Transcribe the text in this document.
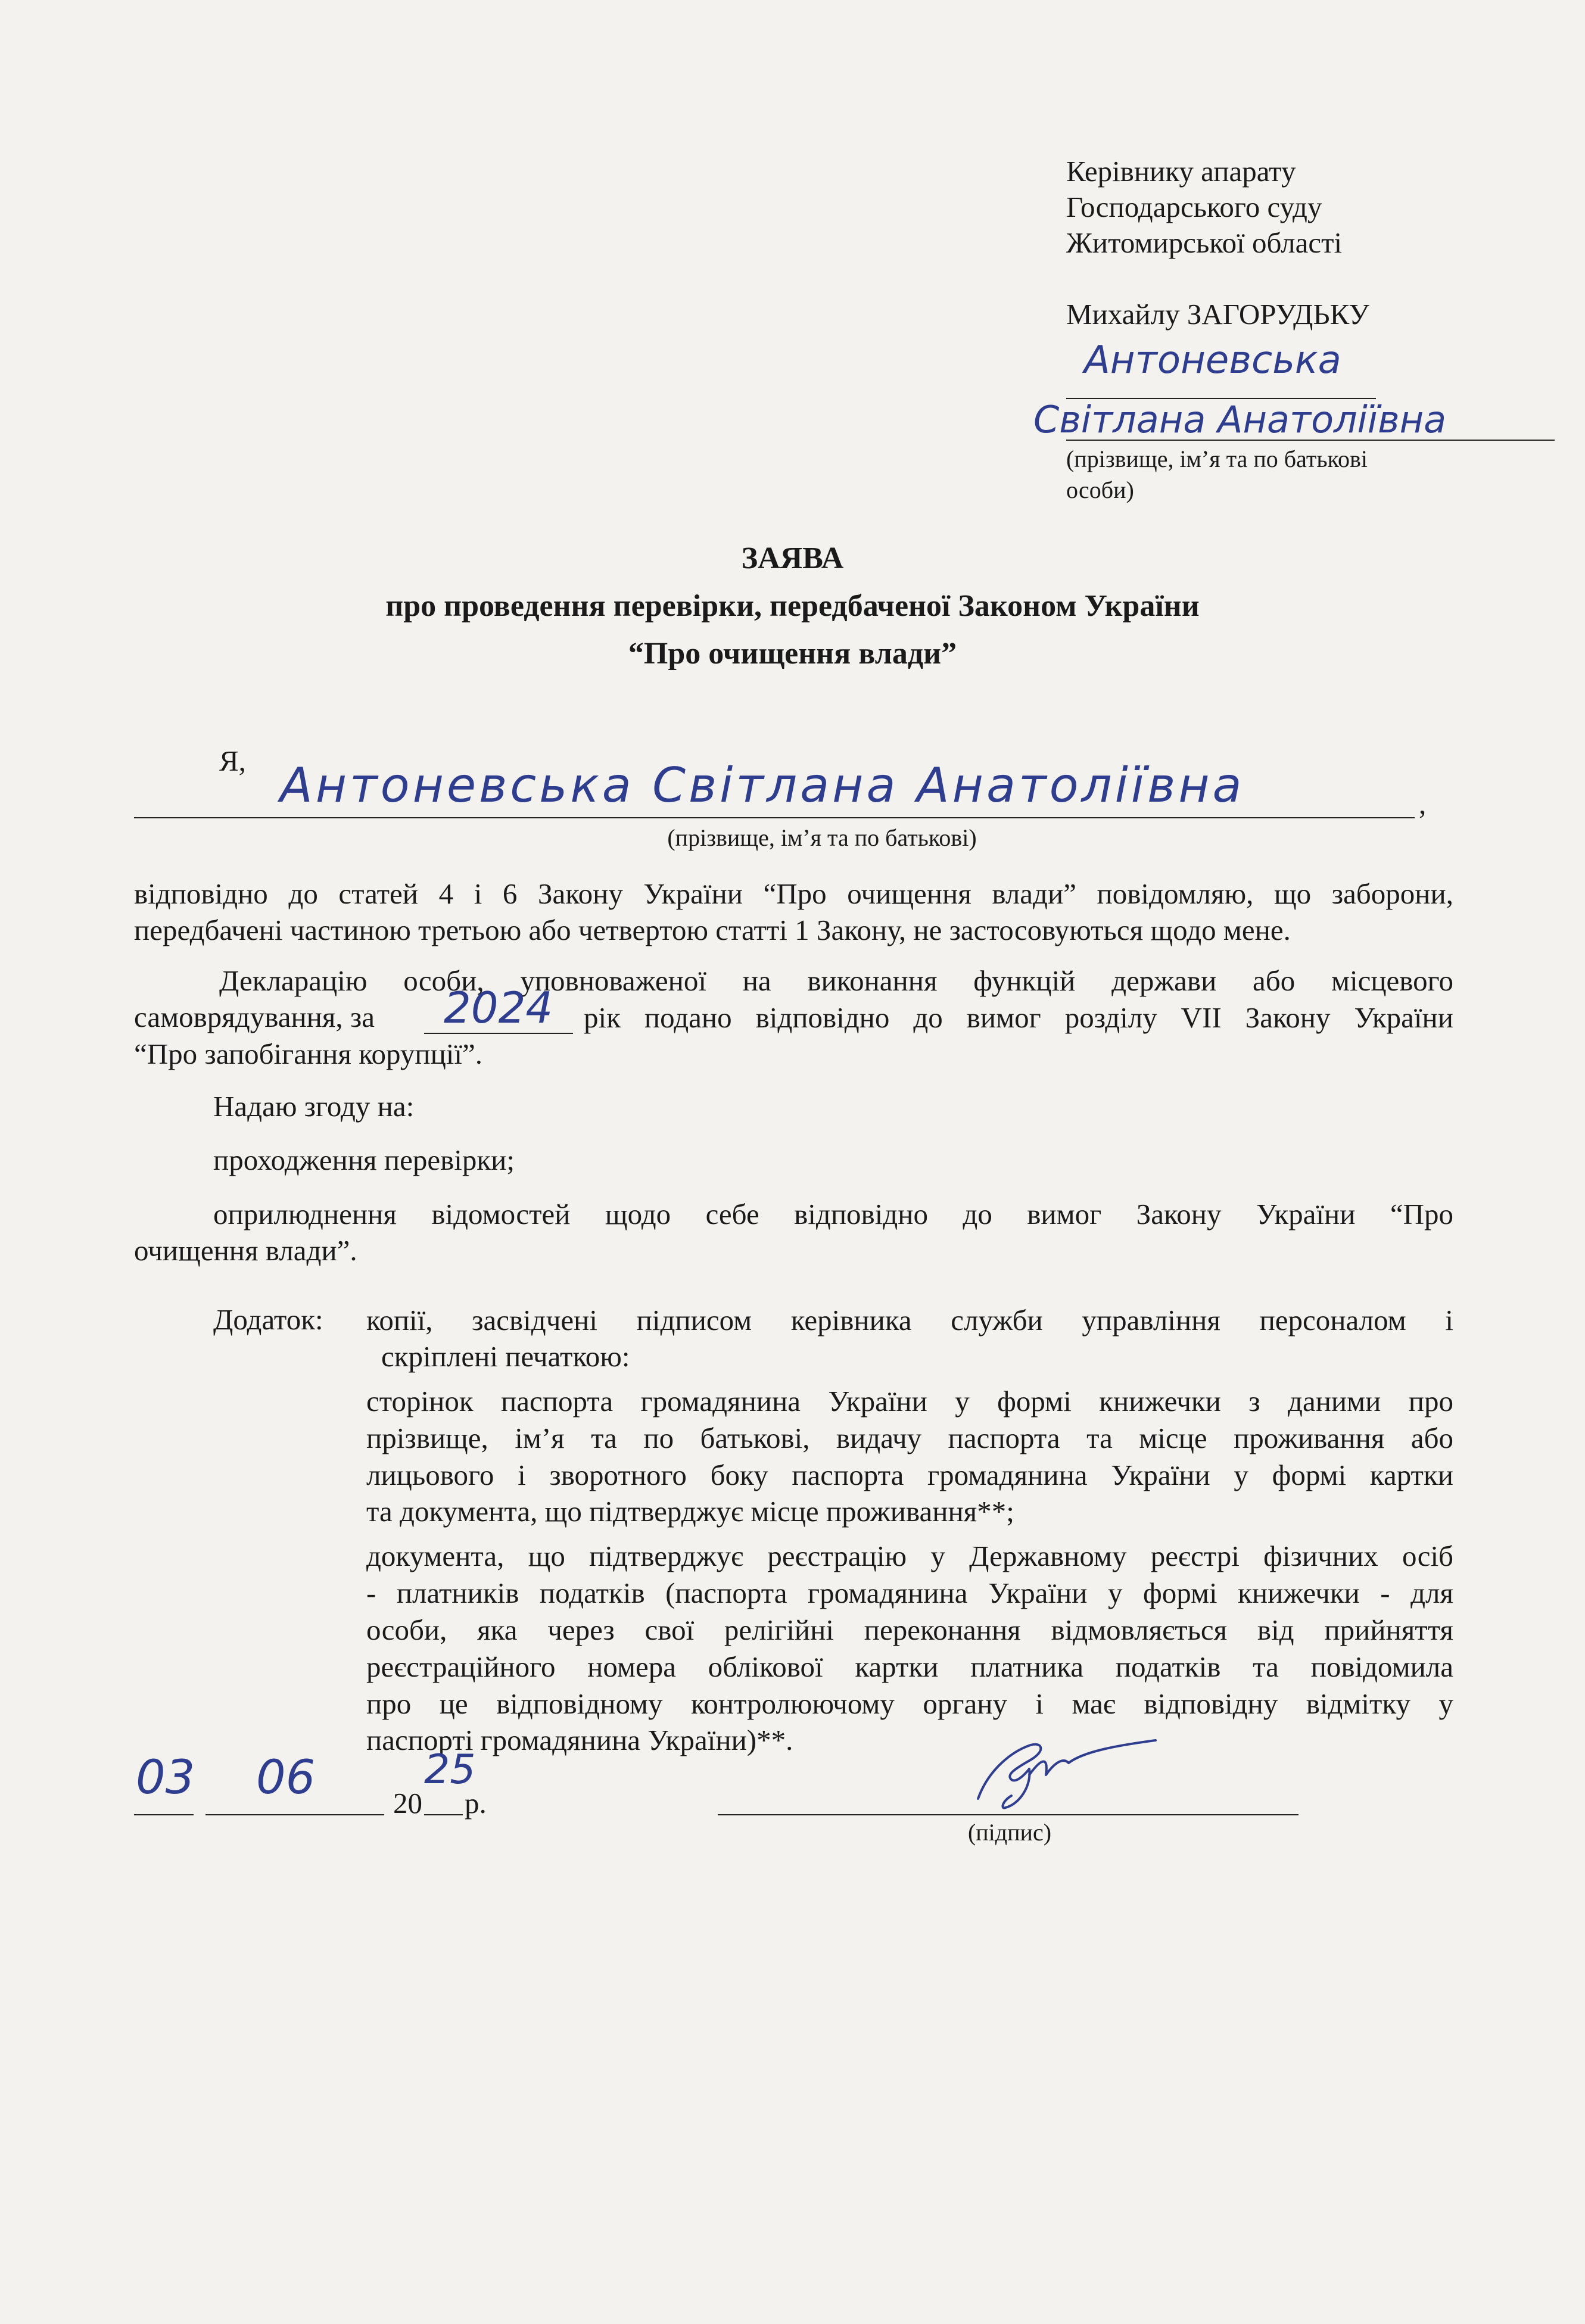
Керівнику апарату
Господарського суду
Житомирської області
Михайлу ЗАГОРУДЬКУ
Антоневська
Світлана Анатоліївна
(прізвище, ім’я та по батькові
особи)
ЗАЯВА
про проведення перевірки, передбаченої Законом України
“Про очищення влади”
Я, Антоневська Світлана Анатоліївна	,
(прізвище, ім’я та по батькові)
відповідно до статей 4 і 6 Закону України “Про очищення влади” повідомляю, що заборони,
передбачені частиною третьою або четвертою статті 1 Закону, не застосовуються щодо мене.
Декларацію особи, уповноваженої на виконання функцій держави або місцевого
самоврядування, за 2024 рік подано відповідно до вимог розділу VII Закону України
“Про запобігання корупції”.
Надаю згоду на:
проходження перевірки;
оприлюднення відомостей щодо себе відповідно до вимог Закону України “Про
очищення влади”.
Додаток: копії, засвідчені підписом керівника служби управління персоналом і
скріплені печаткою:
сторінок паспорта громадянина України у формі книжечки з даними про
прізвище, ім’я та по батькові, видачу паспорта та місце проживання або
лицьового і зворотного боку паспорта громадянина України у формі картки
та документа, що підтверджує місце проживання**;
документа, що підтверджує реєстрацію у Державному реєстрі фізичних осіб
- платників податків (паспорта громадянина України у формі книжечки - для
особи, яка через свої релігійні переконання відмовляється від прийняття
реєстраційного номера облікової картки платника податків та повідомила
про це відповідному контролюючому органу і має відповідну відмітку у
паспорті громадянина України)**.
03 06	20
25
р.
(підпис)
